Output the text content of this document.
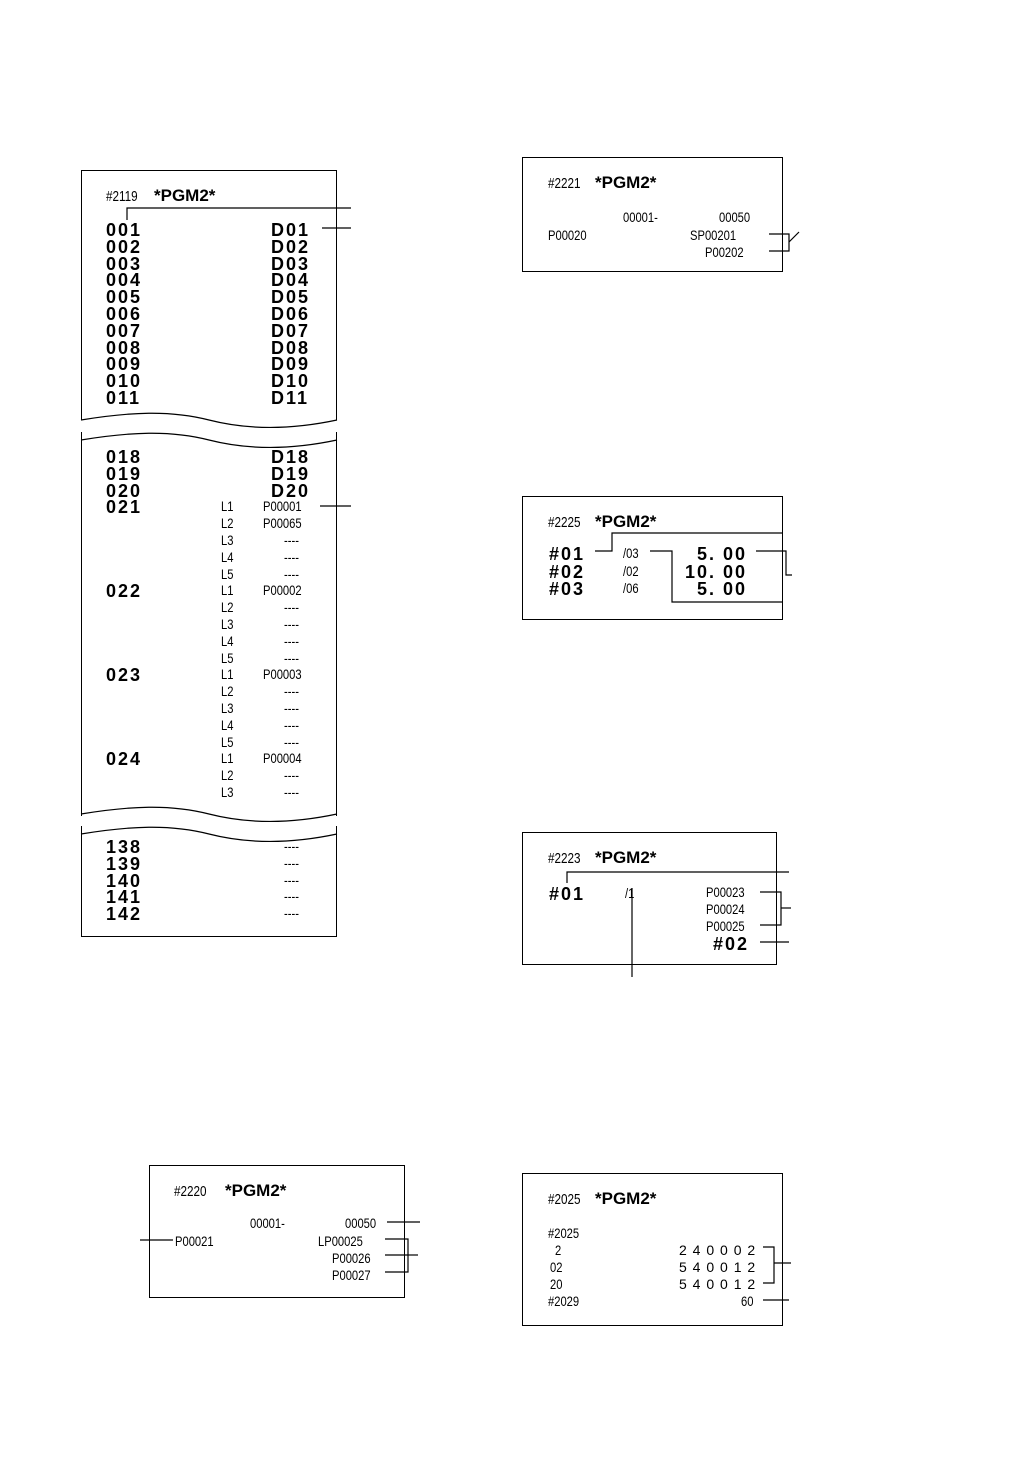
#2119 *PGM2*
001	D01
002	D02
003	D03
004	D04
005	D05
006	D06
007	D07
008	D08
009	D09
010	D10
011	D11
018	D18
019	D19
020	D20
021	L1 P00001
L2 P00065
L3	----
L4	----
L5	----
022	L1 P00002
L2	----
L3	----
L4	----
L5	----
023	L1 P00003
L2	----
L3	----
L4	----
L5	----
024	L1 P00004
L2	----
L3	----
138	----
139	----
140	----
141	----
142	----
#2221 *PGM2*
00001-	00050
P00020	SP00201
P00202
#2225 *PGM2*
#01	/03	5. 00
#02	/02	10. 00
#03	/06	5. 00
#2223 *PGM2*
#01	/1	P00023
P00024
P00025
#02
#2220 *PGM2*
00001-	00050
P00021	LP00025
P00026
P00027
#2025 *PGM2*
#2025
2	2 4 0 0 0 2
02	5 4 0 0 1 2
20	5 4 0 0 1 2
#2029	60
